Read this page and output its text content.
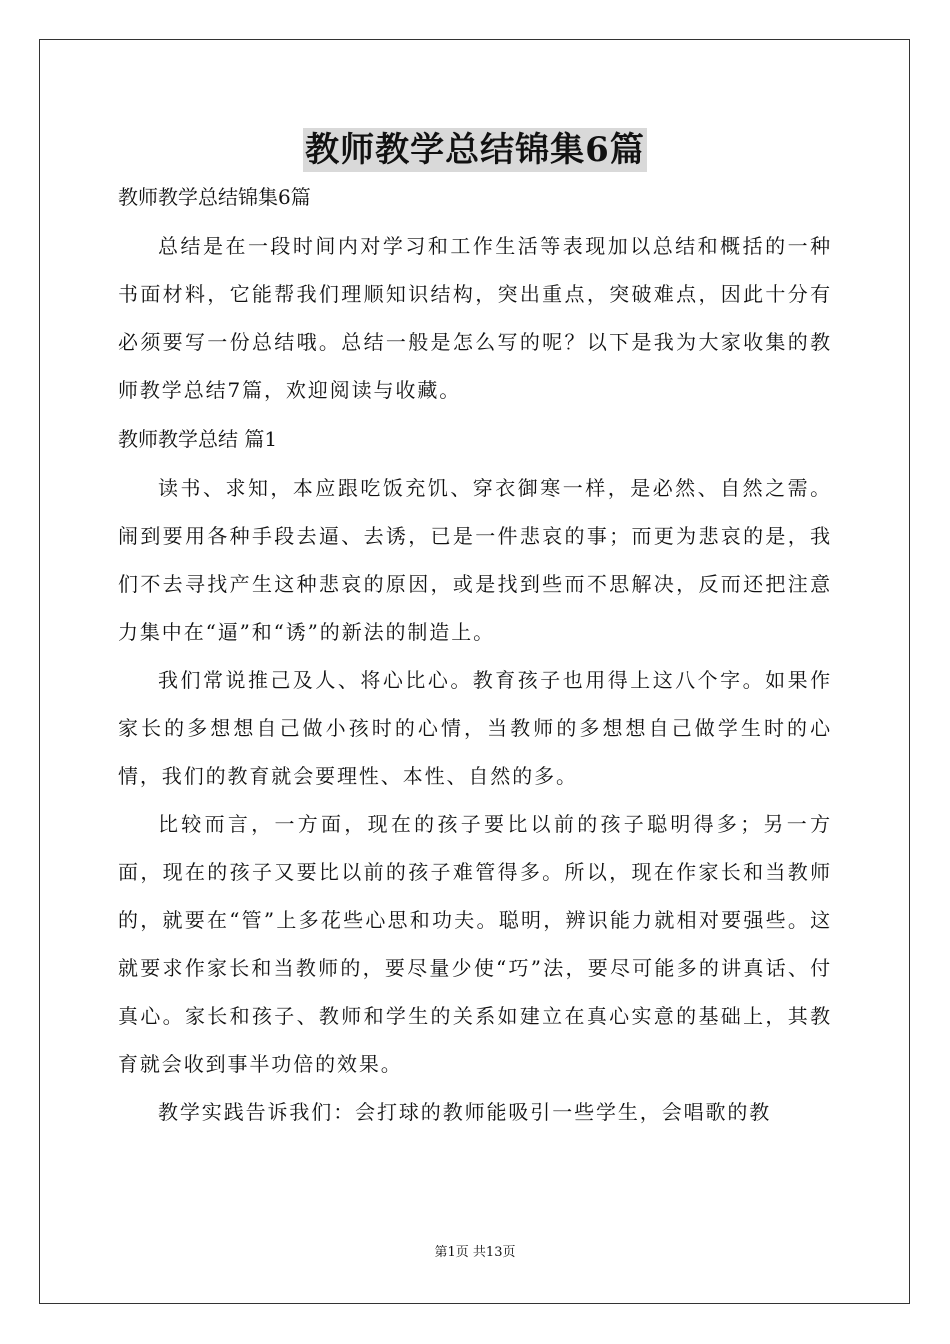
教师教学总结锦集6篇
教师教学总结锦集6篇

总结是在一段时间内对学习和工作生活等表现加以总结和概括的一种书面材料，它能帮我们理顺知识结构，突出重点，突破难点，因此十分有必须要写一份总结哦。总结一般是怎么写的呢？以下是我为大家收集的教师教学总结7篇，欢迎阅读与收藏。

教师教学总结 篇1

读书、求知，本应跟吃饭充饥、穿衣御寒一样，是必然、自然之需。闹到要用各种手段去逼、去诱，已是一件悲哀的事；而更为悲哀的是，我们不去寻找产生这种悲哀的原因，或是找到些而不思解决，反而还把注意力集中在“逼”和“诱”的新法的制造上。

我们常说推己及人、将心比心。教育孩子也用得上这八个字。如果作家长的多想想自己做小孩时的心情，当教师的多想想自己做学生时的心情，我们的教育就会要理性、本性、自然的多。

比较而言，一方面，现在的孩子要比以前的孩子聪明得多；另一方面，现在的孩子又要比以前的孩子难管得多。所以，现在作家长和当教师的，就要在“管”上多花些心思和功夫。聪明，辨识能力就相对要强些。这就要求作家长和当教师的，要尽量少使“巧”法，要尽可能多的讲真话、付真心。家长和孩子、教师和学生的关系如建立在真心实意的基础上，其教育就会收到事半功倍的效果。

教学实践告诉我们：会打球的教师能吸引一些学生，会唱歌的教

第1页 共13页
